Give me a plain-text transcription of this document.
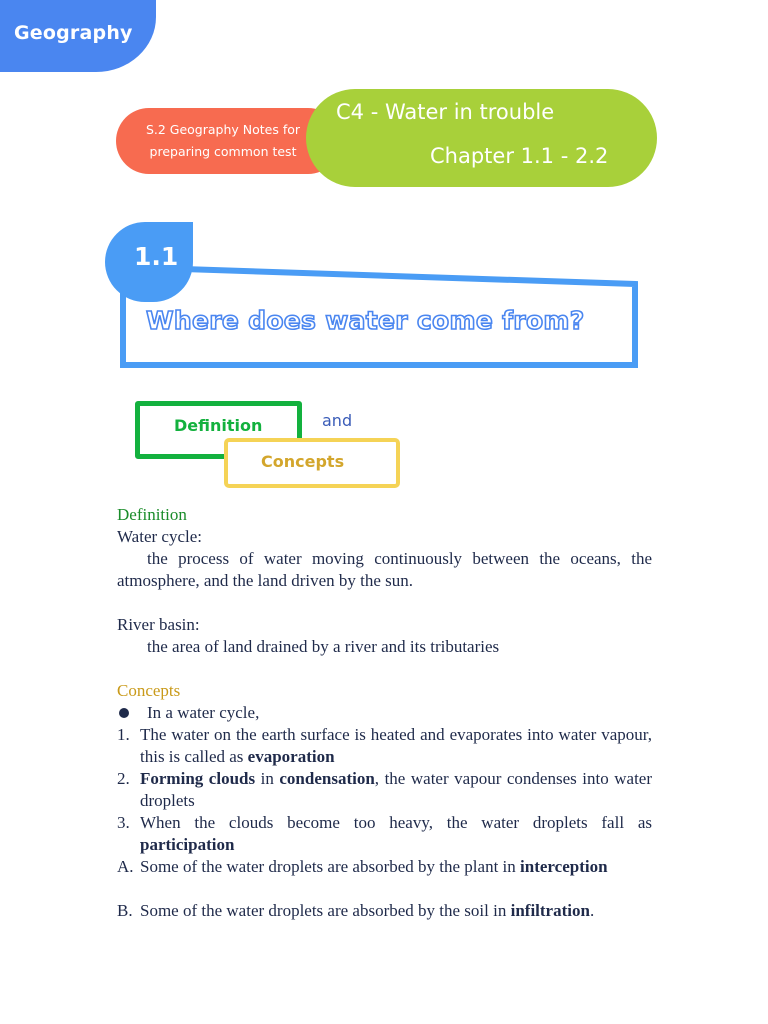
Geography
S.2 Geography Notes for
preparing common test
C4 - Water in trouble
Chapter 1.1 - 2.2
1.1
Where does water come from?
Definition	and
Concepts
Definition
Water cycle:
the process of water moving continuously between the oceans, the atmosphere, and the land driven by the sun.
River basin:
the area of land drained by a river and its tributaries
Concepts
In a water cycle,
1. The water on the earth surface is heated and evaporates into water vapour, this is called as evaporation
2. Forming clouds in condensation, the water vapour condenses into water droplets
3. When the clouds become too heavy, the water droplets fall as participation
A. Some of the water droplets are absorbed by the plant in interception
B. Some of the water droplets are absorbed by the soil in infiltration.
